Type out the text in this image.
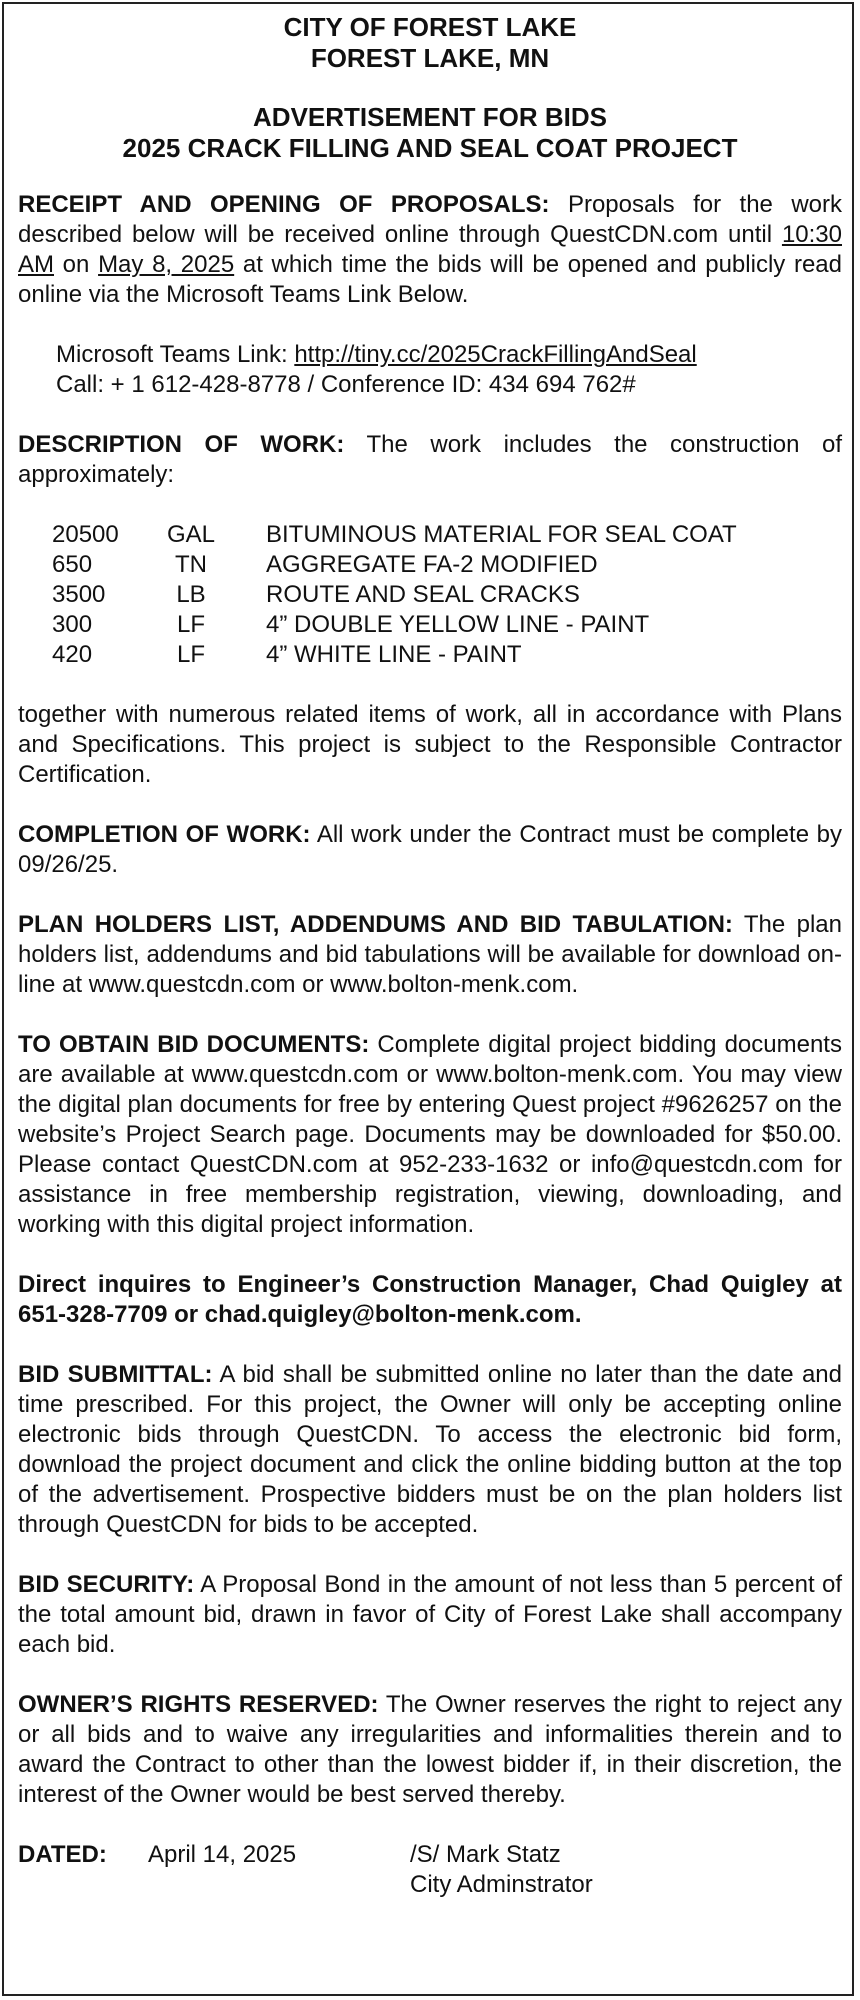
CITY OF FOREST LAKE
FOREST LAKE, MN
ADVERTISEMENT FOR BIDS
2025 CRACK FILLING AND SEAL COAT PROJECT

RECEIPT AND OPENING OF PROPOSALS: Proposals for the work described below will be received online through QuestCDN.com until 10:30 AM on May 8, 2025 at which time the bids will be opened and publicly read online via the Microsoft Teams Link Below.

Microsoft Teams Link: http://tiny.cc/2025CrackFillingAndSeal
Call: + 1 612-428-8778 / Conference ID: 434 694 762#

DESCRIPTION OF WORK: The work includes the construction of approximately:

20500	GAL	BITUMINOUS MATERIAL FOR SEAL COAT
650	TN	AGGREGATE FA-2 MODIFIED
3500	LB	ROUTE AND SEAL CRACKS
300	LF	4” DOUBLE YELLOW LINE - PAINT
420	LF	4” WHITE LINE - PAINT

together with numerous related items of work, all in accordance with Plans and Specifications. This project is subject to the Responsible Contractor Certification.

COMPLETION OF WORK: All work under the Contract must be complete by 09/26/25.

PLAN HOLDERS LIST, ADDENDUMS AND BID TABULATION: The plan holders list, addendums and bid tabulations will be available for download on-line at www.questcdn.com or www.bolton-menk.com.

TO OBTAIN BID DOCUMENTS: Complete digital project bidding documents are available at www.questcdn.com or www.bolton-menk.com. You may view the digital plan documents for free by entering Quest project #9626257 on the website’s Project Search page. Documents may be downloaded for $50.00. Please contact QuestCDN.com at 952-233-1632 or info@questcdn.com for assistance in free membership registration, viewing, downloading, and working with this digital project information.

Direct inquires to Engineer’s Construction Manager, Chad Quigley at 651-328-7709 or chad.quigley@bolton-menk.com.

BID SUBMITTAL: A bid shall be submitted online no later than the date and time prescribed. For this project, the Owner will only be accepting online electronic bids through QuestCDN. To access the electronic bid form, download the project document and click the online bidding button at the top of the advertisement. Prospective bidders must be on the plan holders list through QuestCDN for bids to be accepted.

BID SECURITY: A Proposal Bond in the amount of not less than 5 percent of the total amount bid, drawn in favor of City of Forest Lake shall accompany each bid.

OWNER’S RIGHTS RESERVED: The Owner reserves the right to reject any or all bids and to waive any irregularities and informalities therein and to award the Contract to other than the lowest bidder if, in their discretion, the interest of the Owner would be best served thereby.

DATED:	April 14, 2025	/S/ Mark Statz
City Adminstrator
